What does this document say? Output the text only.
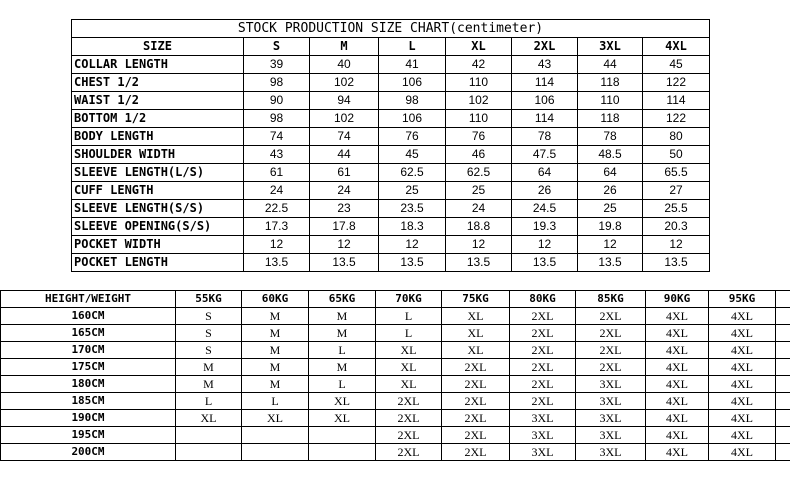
STOCK PRODUCTION SIZE CHART(centimeter)							
SIZE	S	M	L	XL	2XL	3XL	4XL
COLLAR LENGTH	39	40	41	42	43	44	45
CHEST 1/2	98	102	106	110	114	118	122
WAIST 1/2	90	94	98	102	106	110	114
BOTTOM 1/2	98	102	106	110	114	118	122
BODY LENGTH	74	74	76	76	78	78	80
SHOULDER WIDTH	43	44	45	46	47.5	48.5	50
SLEEVE LENGTH(L/S)	61	61	62.5	62.5	64	64	65.5
CUFF LENGTH	24	24	25	25	26	26	27
SLEEVE LENGTH(S/S)	22.5	23	23.5	24	24.5	25	25.5
SLEEVE OPENING(S/S)	17.3	17.8	18.3	18.8	19.3	19.8	20.3
POCKET WIDTH	12	12	12	12	12	12	12
POCKET LENGTH	13.5	13.5	13.5	13.5	13.5	13.5	13.5
HEIGHT/WEIGHT	55KG	60KG	65KG	70KG	75KG	80KG	85KG	90KG	95KG	
160CM	S	M	M	L	XL	2XL	2XL	4XL	4XL	
165CM	S	M	M	L	XL	2XL	2XL	4XL	4XL	
170CM	S	M	L	XL	XL	2XL	2XL	4XL	4XL	
175CM	M	M	M	XL	2XL	2XL	2XL	4XL	4XL	
180CM	M	M	L	XL	2XL	2XL	3XL	4XL	4XL	
185CM	L	L	XL	2XL	2XL	2XL	3XL	4XL	4XL	
190CM	XL	XL	XL	2XL	2XL	3XL	3XL	4XL	4XL	
195CM				2XL	2XL	3XL	3XL	4XL	4XL	
200CM				2XL	2XL	3XL	3XL	4XL	4XL	
